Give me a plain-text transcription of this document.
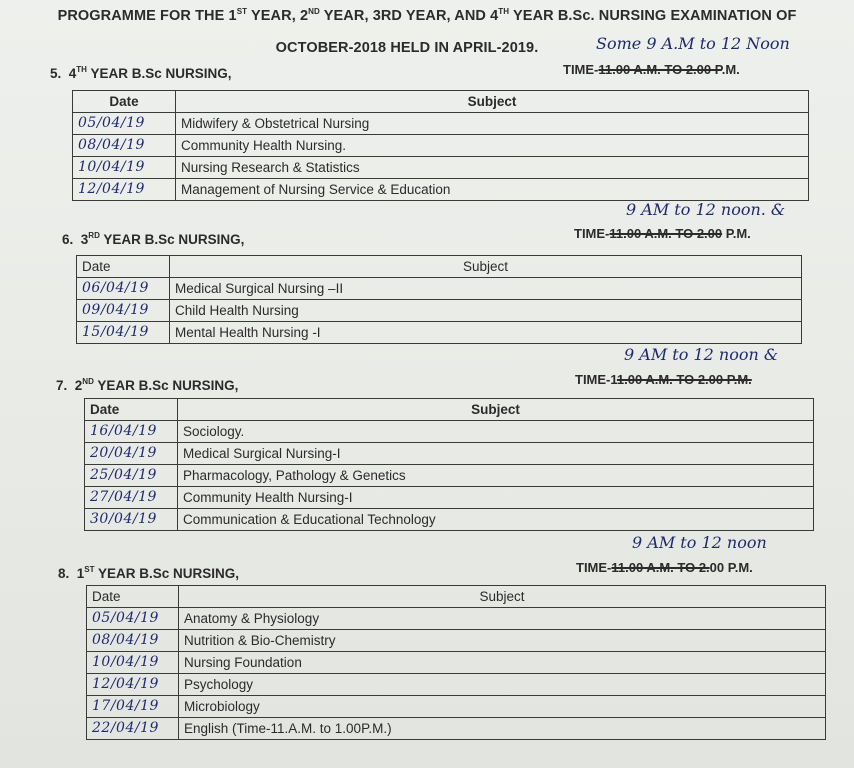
PROGRAMME FOR THE 1ST YEAR, 2ND YEAR, 3RD YEAR, AND 4TH YEAR B.Sc. NURSING EXAMINATION OF
OCTOBER-2018 HELD IN APRIL-2019.
5. 4TH YEAR B.Sc NURSING,
Some 9 A.M to 12 Noon
TIME-11.00 A.M. TO 2.00 P.M.
Date	Subject
05/04/19	Midwifery & Obstetrical Nursing
08/04/19	Community Health Nursing.
10/04/19	Nursing Research & Statistics
12/04/19	Management of Nursing Service & Education
6. 3RD YEAR B.Sc NURSING,
9 AM to 12 noon. &
TIME-11.00 A.M. TO 2.00 P.M.
Date	Subject
06/04/19	Medical Surgical Nursing –II
09/04/19	Child Health Nursing
15/04/19	Mental Health Nursing -I
7. 2ND YEAR B.Sc NURSING,
9 AM to 12 noon &
TIME-11.00 A.M. TO 2.00 P.M.
Date	Subject
16/04/19	Sociology.
20/04/19	Medical Surgical Nursing-I
25/04/19	Pharmacology, Pathology & Genetics
27/04/19	Community Health Nursing-I
30/04/19	Communication & Educational Technology
8. 1ST YEAR B.Sc NURSING,
9 AM to 12 noon
TIME-11.00 A.M. TO 2.00 P.M.
Date	Subject
05/04/19	Anatomy & Physiology
08/04/19	Nutrition & Bio-Chemistry
10/04/19	Nursing Foundation
12/04/19	Psychology
17/04/19	Microbiology
22/04/19	English (Time-11.A.M. to 1.00P.M.)
